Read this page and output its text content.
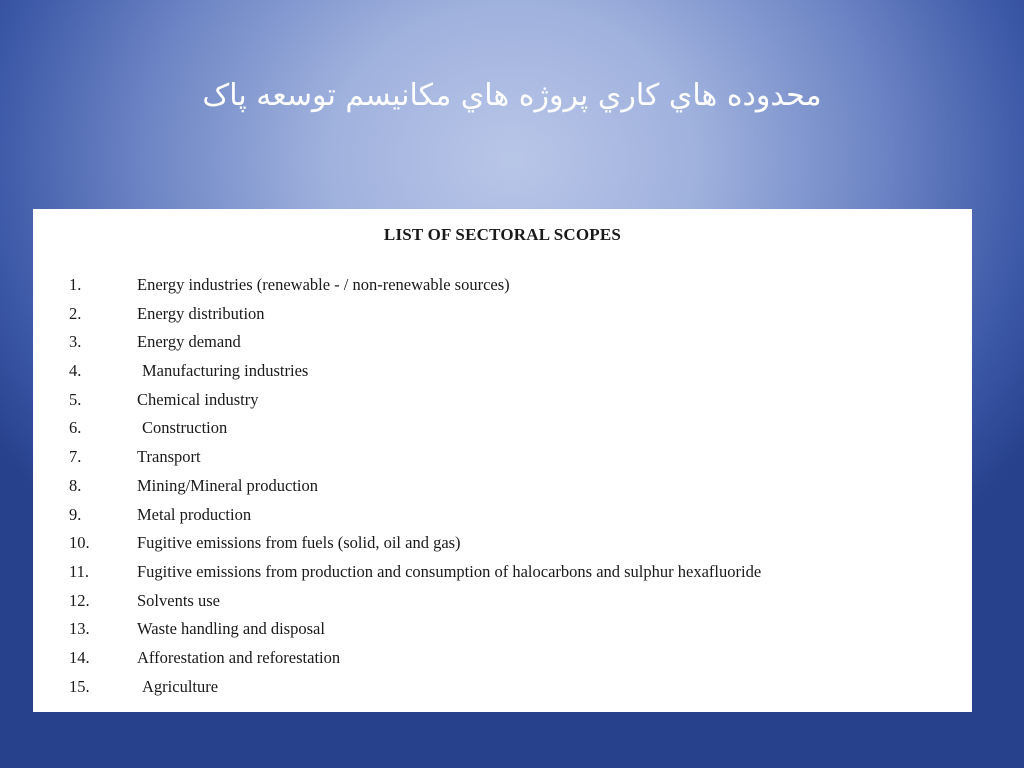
محدوده هاي کاري پروژه هاي مکانيسم توسعه پاک
LIST OF SECTORAL SCOPES
1.	Energy industries (renewable - / non-renewable sources)
2.	Energy distribution
3.	Energy demand
4.	Manufacturing industries
5.	Chemical industry
6.	Construction
7.	Transport
8.	Mining/Mineral production
9.	Metal production
10.	Fugitive emissions from fuels (solid, oil and gas)
11.	Fugitive emissions from production and consumption of halocarbons and sulphur hexafluoride
12.	Solvents use
13.	Waste handling and disposal
14.	Afforestation and reforestation
15.	Agriculture
